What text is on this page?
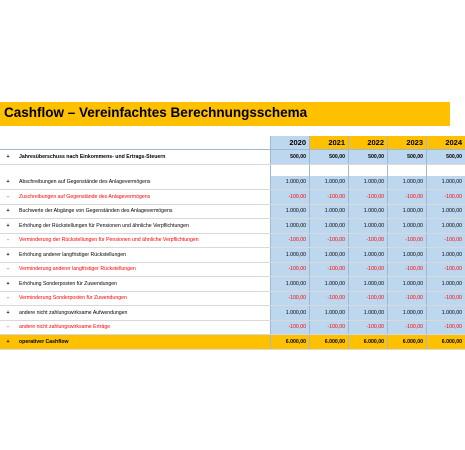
Cashflow – Vereinfachtes Berechnungsschema
		2020	2021	2022	2023	2024
+	Jahresüberschuss nach Einkommens- und Ertrags-Steuern	500,00	500,00	500,00	500,00	500,00

+	Abschreibungen auf Gegenstände des Anlagevermögens	1.000,00	1.000,00	1.000,00	1.000,00	1.000,00
-	Zuschreibungen auf Gegenstände des Anlagevermögens	-100,00	-100,00	-100,00	-100,00	-100,00
+	Buchwerte der Abgänge von Gegenständen des Anlagevermögens	1.000,00	1.000,00	1.000,00	1.000,00	1.000,00
+	Erhöhung der Rückstellungen für Pensionen und ähnliche Verpflichtungen	1.000,00	1.000,00	1.000,00	1.000,00	1.000,00
-	Verminderung der Rückstellungen für Pensionen und ähnliche Verpflichtungen	-100,00	-100,00	-100,00	-100,00	-100,00
+	Erhöhung anderer langfristiger Rückstellungen	1.000,00	1.000,00	1.000,00	1.000,00	1.000,00
-	Verminderung anderer langfristiger Rückstellungen	-100,00	-100,00	-100,00	-100,00	-100,00
+	Erhöhung Sonderposten für Zuwendungen	1.000,00	1.000,00	1.000,00	1.000,00	1.000,00
-	Verminderung Sonderposten für Zuwendungen	-100,00	-100,00	-100,00	-100,00	-100,00
+	andere nicht zahlungswirksame Aufwendungen	1.000,00	1.000,00	1.000,00	1.000,00	1.000,00
-	andere nicht zahlungswirksame Erträge	-100,00	-100,00	-100,00	-100,00	-100,00
+	operativer Cashflow	6.000,00	6.000,00	6.000,00	6.000,00	6.000,00
